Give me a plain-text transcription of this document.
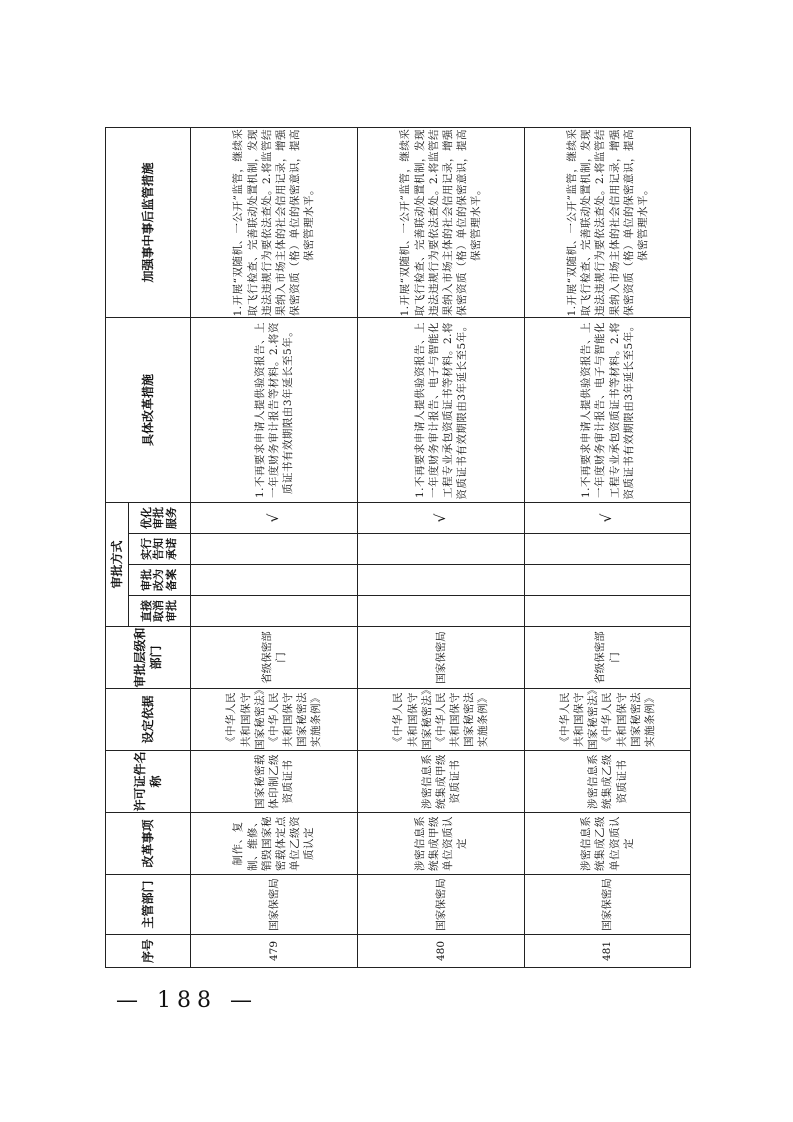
序号	主管部门	改革事项	许可证件名称	设定依据	审批层级和部门	审批方式				具体改革措施	加强事中事后监管措施
						直接取消审批	审批改为备案	实行告知承诺	优化审批服务		
479	国家保密局	制作、复制、维修、销毁国家秘密载体定点单位乙级资质认定	国家秘密载体印制乙级资质证书	《中华人民共和国保守国家秘密法》《中华人民共和国保守国家秘密法实施条例》	省级保密部门				√	1.不再要求申请人提供验资报告、上一年度财务审计报告等材料。2.将资质证书有效期限由3年延长至5年。	1.开展“双随机、一公开”监管，继续采取飞行检查、完善联动处置机制，发现违法违规行为要依法查处。2.将监管结果纳入市场主体的社会信用记录，增强保密资质（格）单位的保密意识，提高保密管理水平。
480	国家保密局	涉密信息系统集成甲级单位资质认定	涉密信息系统集成甲级资质证书	《中华人民共和国保守国家秘密法》《中华人民共和国保守国家秘密法实施条例》	国家保密局				√	1.不再要求申请人提供验资报告、上一年度财务审计报告、电子与智能化工程专业承包资质证书等材料。2.将资质证书有效期限由3年延长至5年。	1.开展“双随机、一公开”监管，继续采取飞行检查、完善联动处置机制，发现违法违规行为要依法查处。2.将监管结果纳入市场主体的社会信用记录，增强保密资质（格）单位的保密意识，提高保密管理水平。
481	国家保密局	涉密信息系统集成乙级单位资质认定	涉密信息系统集成乙级资质证书	《中华人民共和国保守国家秘密法》《中华人民共和国保守国家秘密法实施条例》	省级保密部门				√	1.不再要求申请人提供验资报告、上一年度财务审计报告、电子与智能化工程专业承包资质证书等材料。2.将资质证书有效期限由3年延长至5年。	1.开展“双随机、一公开”监管，继续采取飞行检查、完善联动处置机制，发现违法违规行为要依法查处。2.将监管结果纳入市场主体的社会信用记录，增强保密资质（格）单位的保密意识，提高保密管理水平。
— 188 —
